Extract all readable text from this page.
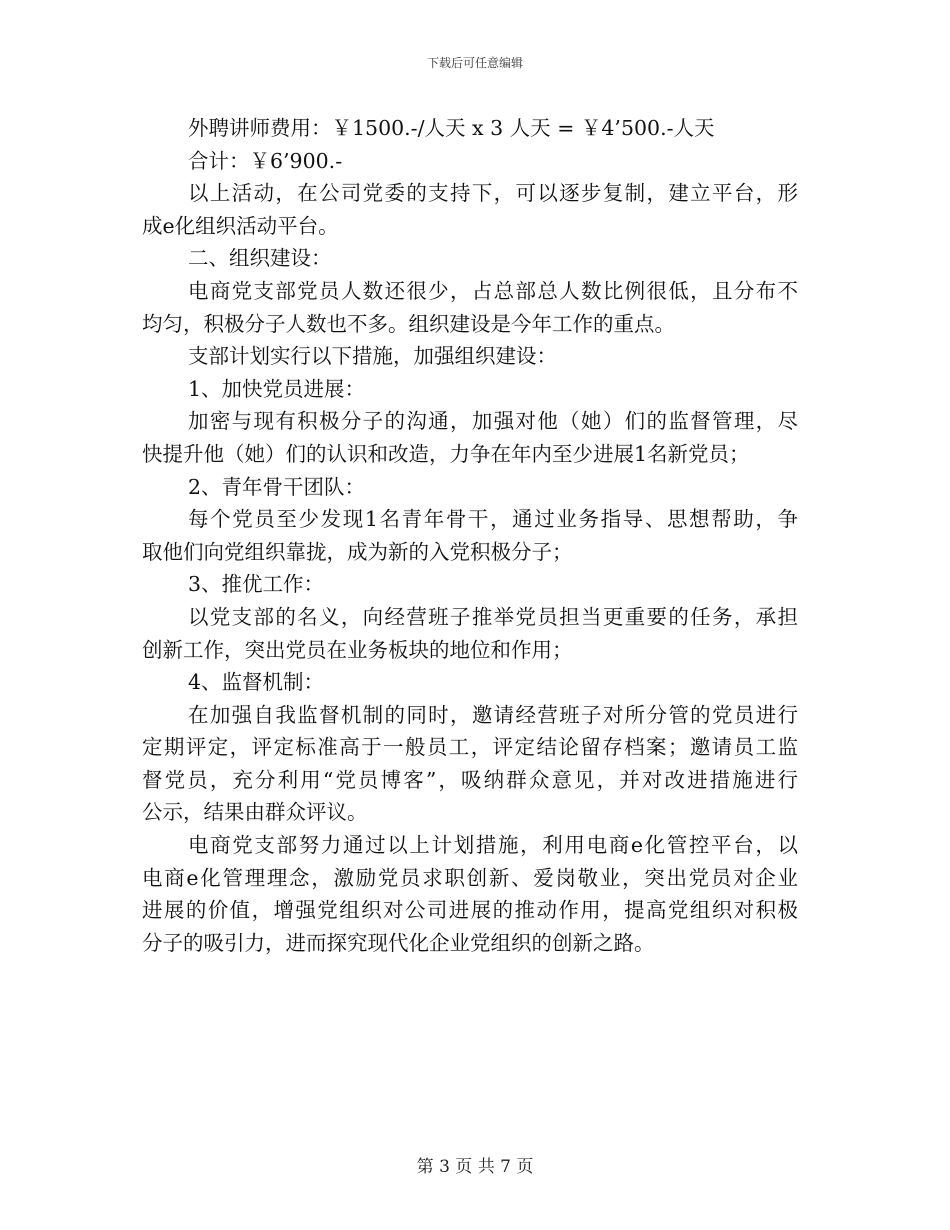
下载后可任意编辑
外聘讲师费用：￥1500.-/人天 x 3 人天 = ￥4’500.-人天
合计：￥6’900.-
以上活动，在公司党委的支持下，可以逐步复制，建立平台，形
成e化组织活动平台。
二、组织建设：
电商党支部党员人数还很少，占总部总人数比例很低，且分布不
均匀，积极分子人数也不多。组织建设是今年工作的重点。
支部计划实行以下措施，加强组织建设：
1、加快党员进展：
加密与现有积极分子的沟通，加强对他（她）们的监督管理，尽
快提升他（她）们的认识和改造，力争在年内至少进展1名新党员；
2、青年骨干团队：
每个党员至少发现1名青年骨干，通过业务指导、思想帮助，争
取他们向党组织靠拢，成为新的入党积极分子；
3、推优工作：
以党支部的名义，向经营班子推举党员担当更重要的任务，承担
创新工作，突出党员在业务板块的地位和作用；
4、监督机制：
在加强自我监督机制的同时，邀请经营班子对所分管的党员进行
定期评定，评定标准高于一般员工，评定结论留存档案；邀请员工监
督党员，充分利用“党员博客”，吸纳群众意见，并对改进措施进行
公示，结果由群众评议。
电商党支部努力通过以上计划措施，利用电商e化管控平台，以
电商e化管理理念，激励党员求职创新、爱岗敬业，突出党员对企业
进展的价值，增强党组织对公司进展的推动作用，提高党组织对积极
分子的吸引力，进而探究现代化企业党组织的创新之路。
第 3 页 共 7 页
